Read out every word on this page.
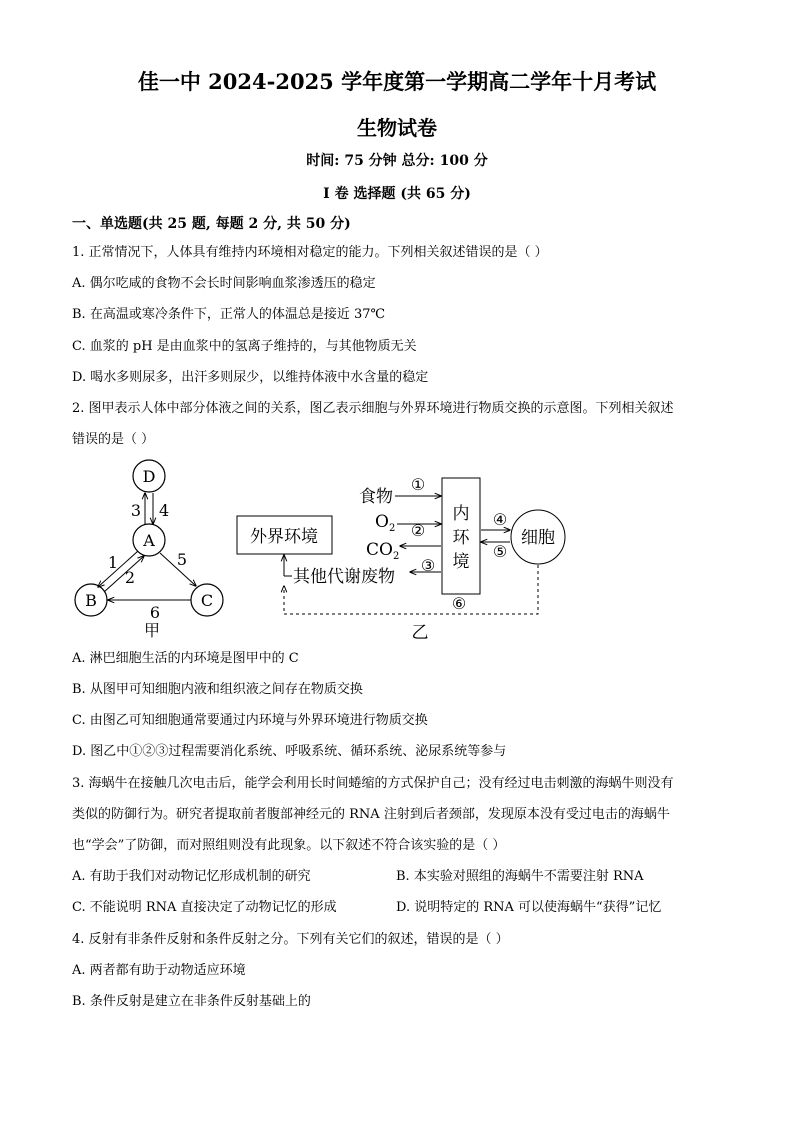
佳一中 2024-2025 学年度第一学期高二学年十月考试
生物试卷
时间: 75 分钟 总分: 100 分
I 卷 选择题 (共 65 分)
一、单选题(共 25 题, 每题 2 分, 共 50 分)
1. 正常情况下，人体具有维持内环境相对稳定的能力。下列相关叙述错误的是（ ）
A. 偶尔吃咸的食物不会长时间影响血浆渗透压的稳定
B. 在高温或寒冷条件下，正常人的体温总是接近 37℃
C. 血浆的 pH 是由血浆中的氢离子维持的，与其他物质无关
D. 喝水多则尿多，出汗多则尿少，以维持体液中水含量的稳定
2. 图甲表示人体中部分体液之间的关系，图乙表示细胞与外界环境进行物质交换的示意图。下列相关叙述
错误的是（ ）
D
A
B	C
3 4
1
2
5
6
甲
外界环境
内
环
境
细胞
食物
①
O 2 ②
CO 2
其他代谢废物
③
④
⑤
⑥
乙
A. 淋巴细胞生活的内环境是图甲中的 C
B. 从图甲可知细胞内液和组织液之间存在物质交换
C. 由图乙可知细胞通常要通过内环境与外界环境进行物质交换
D. 图乙中①②③过程需要消化系统、呼吸系统、循环系统、泌尿系统等参与
3. 海蜗牛在接触几次电击后，能学会利用长时间蜷缩的方式保护自己；没有经过电击刺激的海蜗牛则没有
类似的防御行为。研究者提取前者腹部神经元的 RNA 注射到后者颈部，发现原本没有受过电击的海蜗牛
也“学会”了防御，而对照组则没有此现象。以下叙述不符合该实验的是（ ）
A. 有助于我们对动物记忆形成机制的研究	B. 本实验对照组的海蜗牛不需要注射 RNA
C. 不能说明 RNA 直接决定了动物记忆的形成	D. 说明特定的 RNA 可以使海蜗牛“获得”记忆
4. 反射有非条件反射和条件反射之分。下列有关它们的叙述，错误的是（ ）
A. 两者都有助于动物适应环境
B. 条件反射是建立在非条件反射基础上的
